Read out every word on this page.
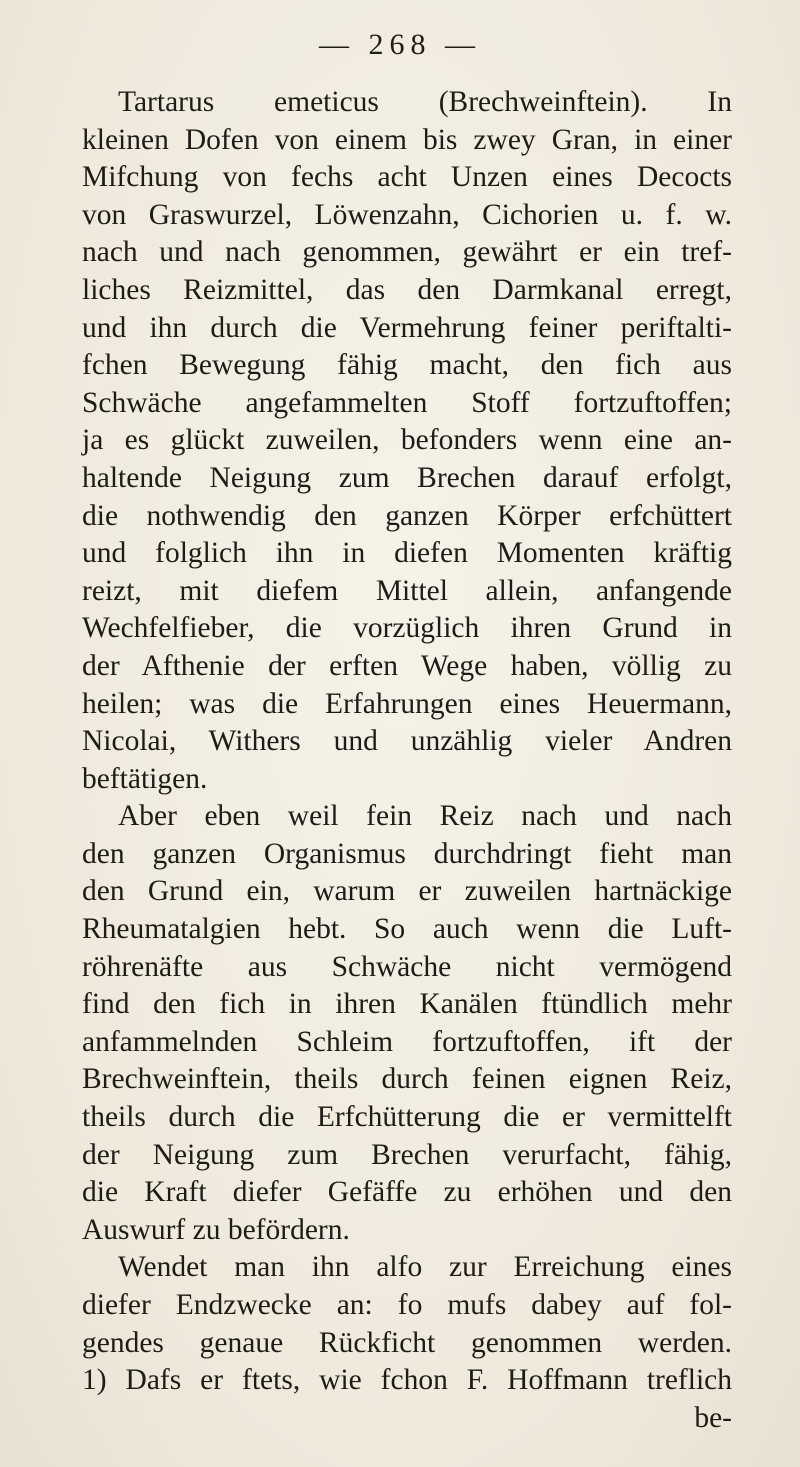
— 268 —
Tartarus emeticus (Brechweinftein). In
kleinen Dofen von einem bis zwey Gran, in einer
Mifchung von fechs acht Unzen eines Decocts
von Graswurzel, Löwenzahn, Cichorien u. f. w.
nach und nach genommen, gewährt er ein tref-
liches Reizmittel, das den Darmkanal erregt,
und ihn durch die Vermehrung feiner periftalti-
fchen Bewegung fähig macht, den fich aus
Schwäche angefammelten Stoff fortzuftoffen;
ja es glückt zuweilen, befonders wenn eine an-
haltende Neigung zum Brechen darauf erfolgt,
die nothwendig den ganzen Körper erfchüttert
und folglich ihn in diefen Momenten kräftig
reizt, mit diefem Mittel allein, anfangende
Wechfelfieber, die vorzüglich ihren Grund in
der Afthenie der erften Wege haben, völlig zu
heilen; was die Erfahrungen eines Heuermann,
Nicolai, Withers und unzählig vieler Andren
beftätigen.
Aber eben weil fein Reiz nach und nach
den ganzen Organismus durchdringt fieht man
den Grund ein, warum er zuweilen hartnäckige
Rheumatalgien hebt. So auch wenn die Luft-
röhrenäfte aus Schwäche nicht vermögend
find den fich in ihren Kanälen ftündlich mehr
anfammelnden Schleim fortzuftoffen, ift der
Brechweinftein, theils durch feinen eignen Reiz,
theils durch die Erfchütterung die er vermittelft
der Neigung zum Brechen verurfacht, fähig,
die Kraft diefer Gefäffe zu erhöhen und den
Auswurf zu befördern.
Wendet man ihn alfo zur Erreichung eines
diefer Endzwecke an: fo mufs dabey auf fol-
gendes genaue Rückficht genommen werden.
1) Dafs er ftets, wie fchon F. Hoffmann treflich
be-
